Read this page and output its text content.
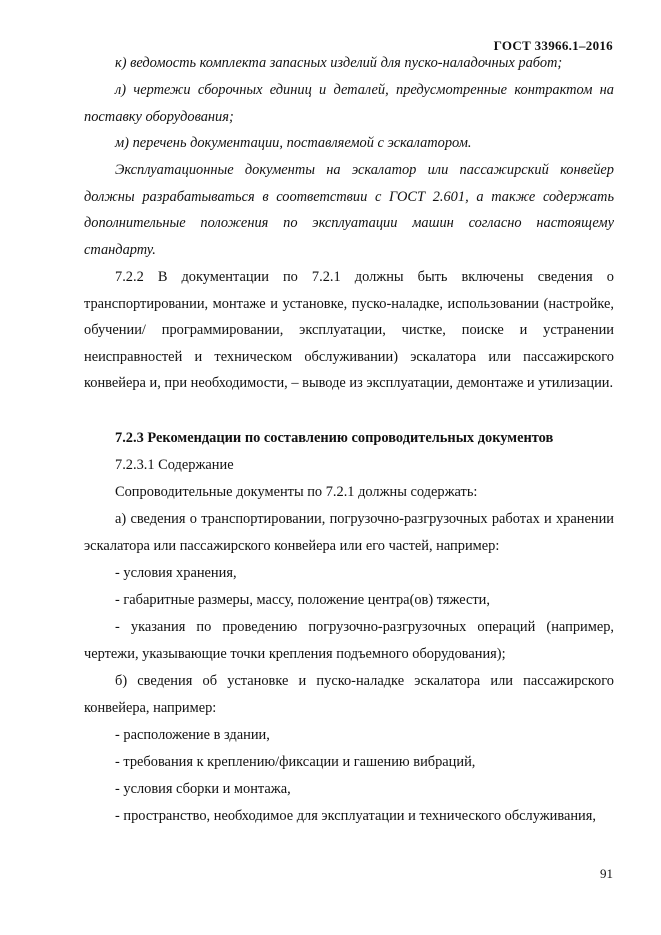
ГОСТ 33966.1–2016

к) ведомость комплекта запасных изделий для пуско-наладочных работ;

л) чертежи сборочных единиц и деталей, предусмотренные контрактом на поставку оборудования;

м) перечень документации, поставляемой с эскалатором.

Эксплуатационные документы на эскалатор или пассажирский конвейер должны разрабатываться в соответствии с ГОСТ 2.601, а также содержать дополнительные положения по эксплуатации машин согласно настоящему стандарту.

7.2.2 В документации по 7.2.1 должны быть включены сведения о транспортировании, монтаже и установке, пуско-наладке, использовании (настройке, обучении/ программировании, эксплуатации, чистке, поиске и устранении неисправностей и техническом обслуживании) эскалатора или пассажирского конвейера и, при необходимости, – выводе из эксплуатации, демонтаже и утилизации.

7.2.3 Рекомендации по составлению сопроводительных документов

7.2.3.1 Содержание

Сопроводительные документы по 7.2.1 должны содержать:

а) сведения о транспортировании, погрузочно-разгрузочных работах и хранении эскалатора или пассажирского конвейера или его частей, например:

- условия хранения,

- габаритные размеры, массу, положение центра(ов) тяжести,

- указания по проведению погрузочно-разгрузочных операций (например, чертежи, указывающие точки крепления подъемного оборудования);

б) сведения об установке и пуско-наладке эскалатора или пассажирского конвейера, например:

- расположение в здании,

- требования к креплению/фиксации и гашению вибраций,

- условия сборки и монтажа,

- пространство, необходимое для эксплуатации и технического обслуживания,

91
